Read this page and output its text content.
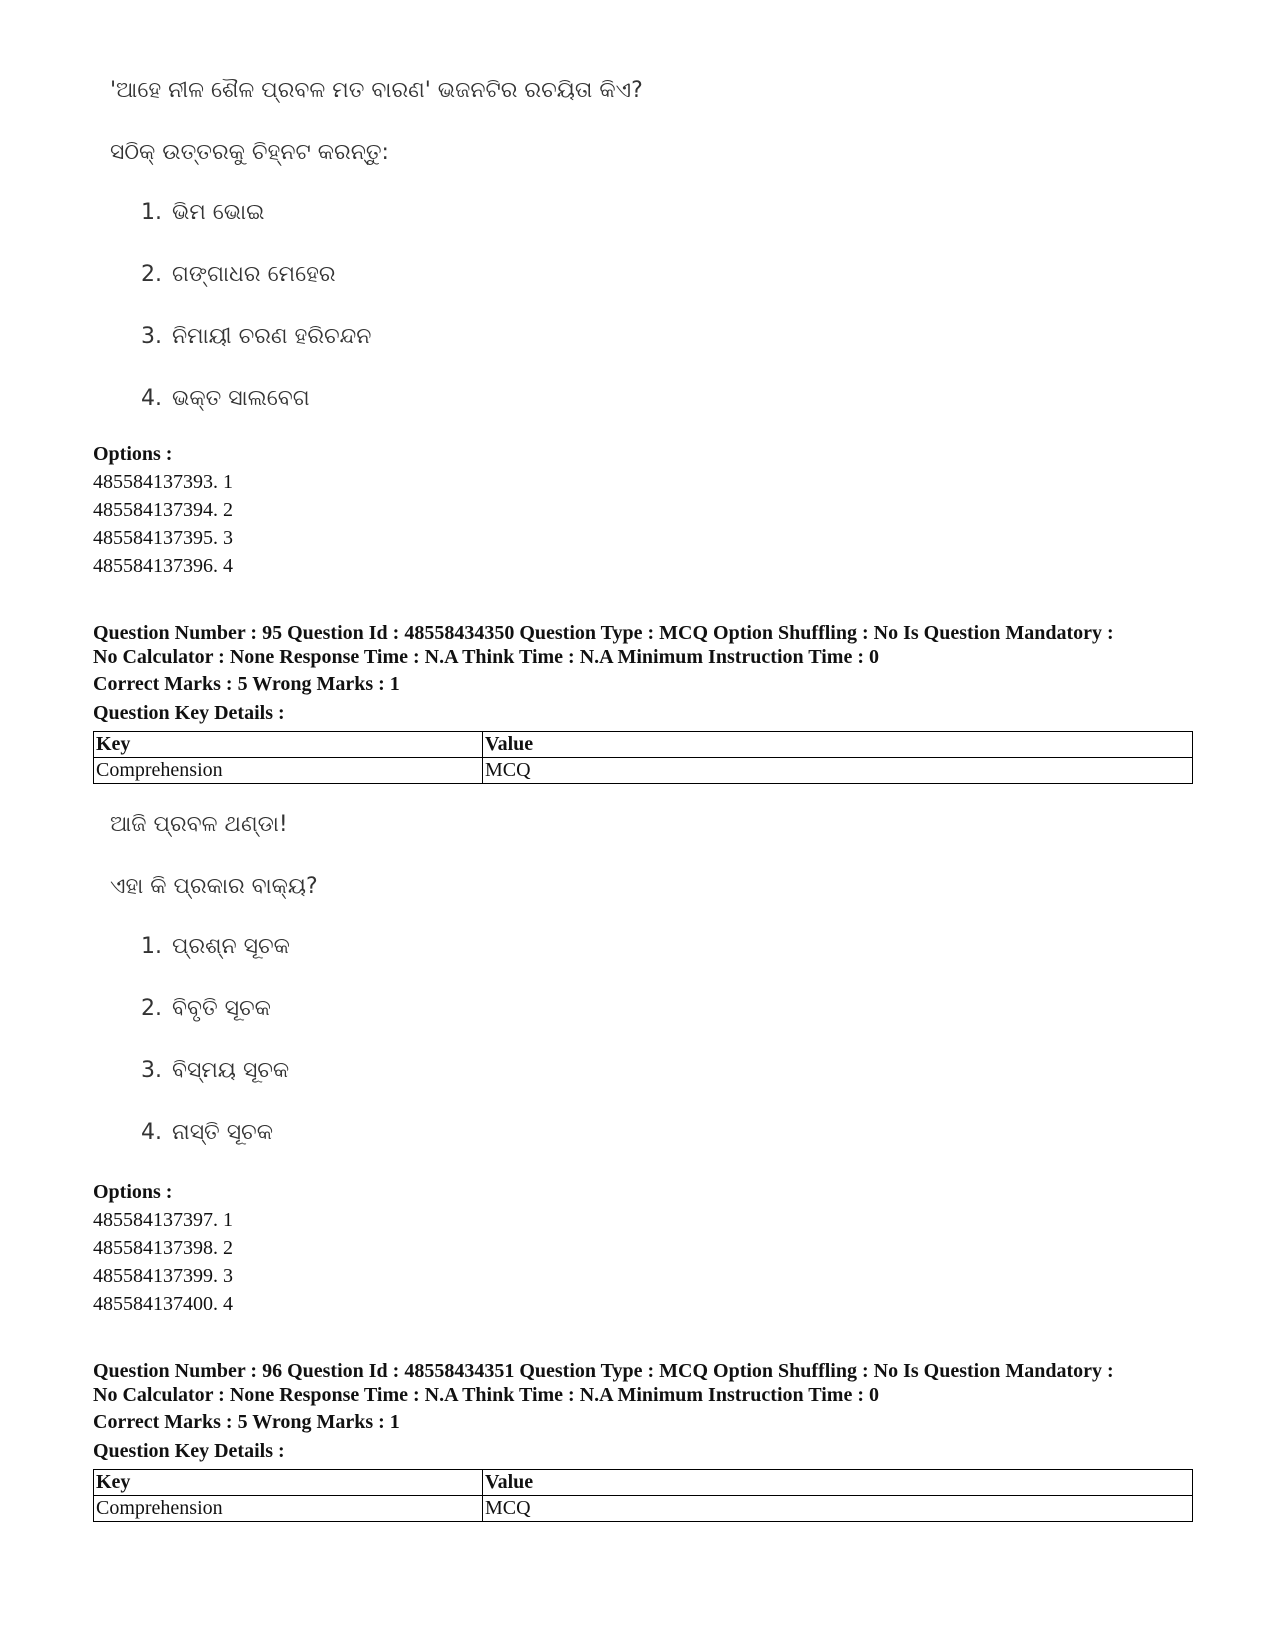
'ଆହେ ନୀଳ ଶୈଳ ପ୍ରବଳ ମତ ବାରଣ' ଭଜନଟିର ରଚୟିତା କିଏ?
ସଠିକ୍ ଉତ୍ତରକୁ ଚିହ୍ନଟ କରନ୍ତୁ:
1. ଭିମ ଭୋଇ
2. ଗଙ୍ଗାଧର ମେହେର
3. ନିମାୟୀ ଚରଣ ହରିଚନ୍ଦନ
4. ଭକ୍ତ ସାଲବେଗ
Options :
485584137393. 1
485584137394. 2
485584137395. 3
485584137396. 4
Question Number : 95 Question Id : 48558434350 Question Type : MCQ Option Shuffling : No Is Question Mandatory :
No Calculator : None Response Time : N.A Think Time : N.A Minimum Instruction Time : 0
Correct Marks : 5 Wrong Marks : 1
Question Key Details :
Key	Value
Comprehension	MCQ
ଆଜି ପ୍ରବଳ ଥଣ୍ଡା!
ଏହା କି ପ୍ରକାର ବାକ୍ୟ?
1. ପ୍ରଶ୍ନ ସୂଚକ
2. ବିବୃତି ସୂଚକ
3. ବିସ୍ମୟ ସୂଚକ
4. ନାସ୍ତି ସୂଚକ
Options :
485584137397. 1
485584137398. 2
485584137399. 3
485584137400. 4
Question Number : 96 Question Id : 48558434351 Question Type : MCQ Option Shuffling : No Is Question Mandatory :
No Calculator : None Response Time : N.A Think Time : N.A Minimum Instruction Time : 0
Correct Marks : 5 Wrong Marks : 1
Question Key Details :
Key	Value
Comprehension	MCQ
